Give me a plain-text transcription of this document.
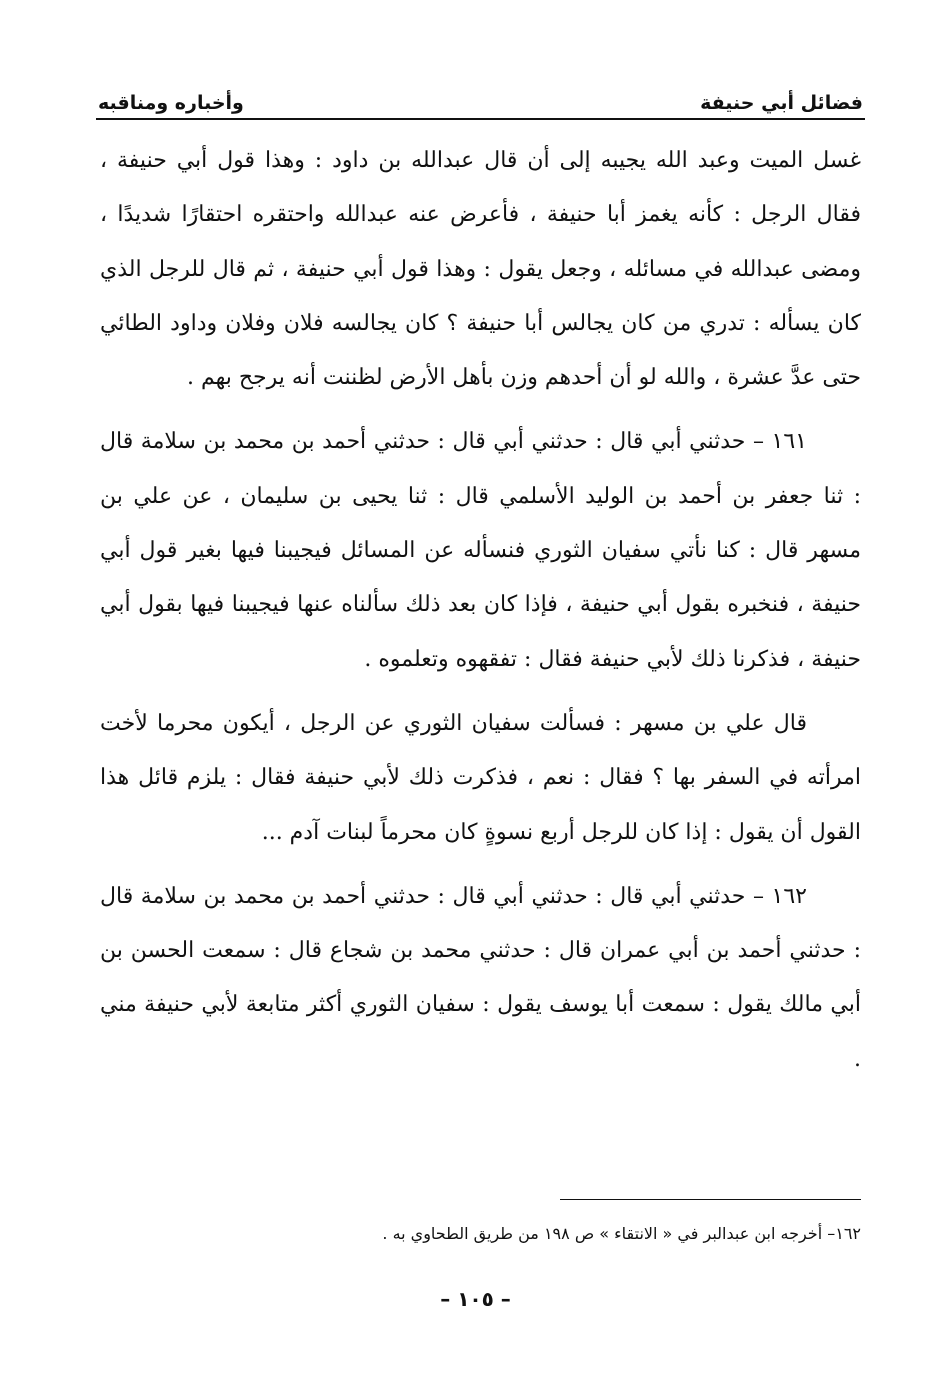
فضائل أبي حنيفة
وأخباره ومناقبه

غسل الميت وعبد الله يجيبه إلى أن قال عبدالله بن داود : وهذا قول أبي حنيفة ، فقال الرجل : كأنه يغمز أبا حنيفة ، فأعرض عنه عبدالله واحتقره احتقارًا شديدًا ، ومضى عبدالله في مسائله ، وجعل يقول : وهذا قول أبي حنيفة ، ثم قال للرجل الذي كان يسأله : تدري من كان يجالس أبا حنيفة ؟ كان يجالسه فلان وفلان وداود الطائي حتى عدَّ عشرة ، والله لو أن أحدهم وزن بأهل الأرض لظننت أنه يرجح بهم .

١٦١ – حدثني أبي قال : حدثني أبي قال : حدثني أحمد بن محمد بن سلامة قال : ثنا جعفر بن أحمد بن الوليد الأسلمي قال : ثنا يحيى بن سليمان ، عن علي بن مسهر قال : كنا نأتي سفيان الثوري فنسأله عن المسائل فيجيبنا فيها بغير قول أبي حنيفة ، فنخبره بقول أبي حنيفة ، فإذا كان بعد ذلك سألناه عنها فيجيبنا فيها بقول أبي حنيفة ، فذكرنا ذلك لأبي حنيفة فقال : تفقهوه وتعلموه .

قال علي بن مسهر : فسألت سفيان الثوري عن الرجل ، أيكون محرما لأخت امرأته في السفر بها ؟ فقال : نعم ، فذكرت ذلك لأبي حنيفة فقال : يلزم قائل هذا القول أن يقول : إذا كان للرجل أربع نسوةٍ كان محرماً لبنات آدم ...

١٦٢ – حدثني أبي قال : حدثني أبي قال : حدثني أحمد بن محمد بن سلامة قال : حدثني أحمد بن أبي عمران قال : حدثني محمد بن شجاع قال : سمعت الحسن بن أبي مالك يقول : سمعت أبا يوسف يقول : سفيان الثوري أكثر متابعة لأبي حنيفة مني .

١٦٢– أخرجه ابن عبدالبر في « الانتقاء » ص ١٩٨ من طريق الطحاوي به .
– ١٠٥ –
